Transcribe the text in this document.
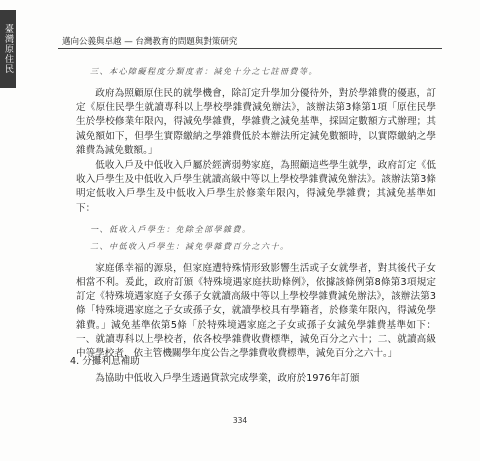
臺灣原住民	邁向公義與卓越 — 台灣教育的問題與對策研究
三、本心障礙程度分類度者：減免十分之七註冊費等。

政府為照顧原住民的就學機會，除訂定升學加分優待外，對於學雜費的優惠，訂定《原住民學生就讀專科以上學校學雜費減免辦法》，該辦法第3條第1項「原住民學生於學校修業年限內，得減免學雜費，學雜費之減免基準，採固定數額方式辦理；其減免額如下，但學生實際繳納之學雜費低於本辦法所定減免數額時，以實際繳納之學雜費為減免數額。」

低收入戶及中低收入戶屬於經濟弱勢家庭，為照顧這些學生就學，政府訂定《低收入戶學生及中低收入戶學生就讀高級中等以上學校學雜費減免辦法》。該辦法第3條明定低收入戶學生及中低收入戶學生於修業年限內，得減免學雜費；其減免基準如下：

一、低收入戶學生：免除全部學雜費。
二、中低收入戶學生：減免學雜費百分之六十。

家庭係幸福的源泉，但家庭遭特殊情形致影響生活或子女就學者，對其後代子女相當不利。爰此，政府訂頒《特殊境遇家庭扶助條例》，依據該條例第8條第3項規定訂定《特殊境遇家庭子女孫子女就讀高級中等以上學校學雜費減免辦法》，該辦法第3條「特殊境遇家庭之子女或孫子女，就讀學校具有學籍者，於修業年限內，得減免學雜費。」減免基準依第5條「於特殊境遇家庭之子女或孫子女減免學雜費基準如下：一、就讀專科以上學校者，依各校學雜費收費標準，減免百分之六十；二、就讀高級中等學校者，依主管機關學年度公告之學雜費收費標準，減免百分之六十。」

4. 分攤利息補助

為協助中低收入戶學生透過貸款完成學業，政府於1976年訂頒

334
